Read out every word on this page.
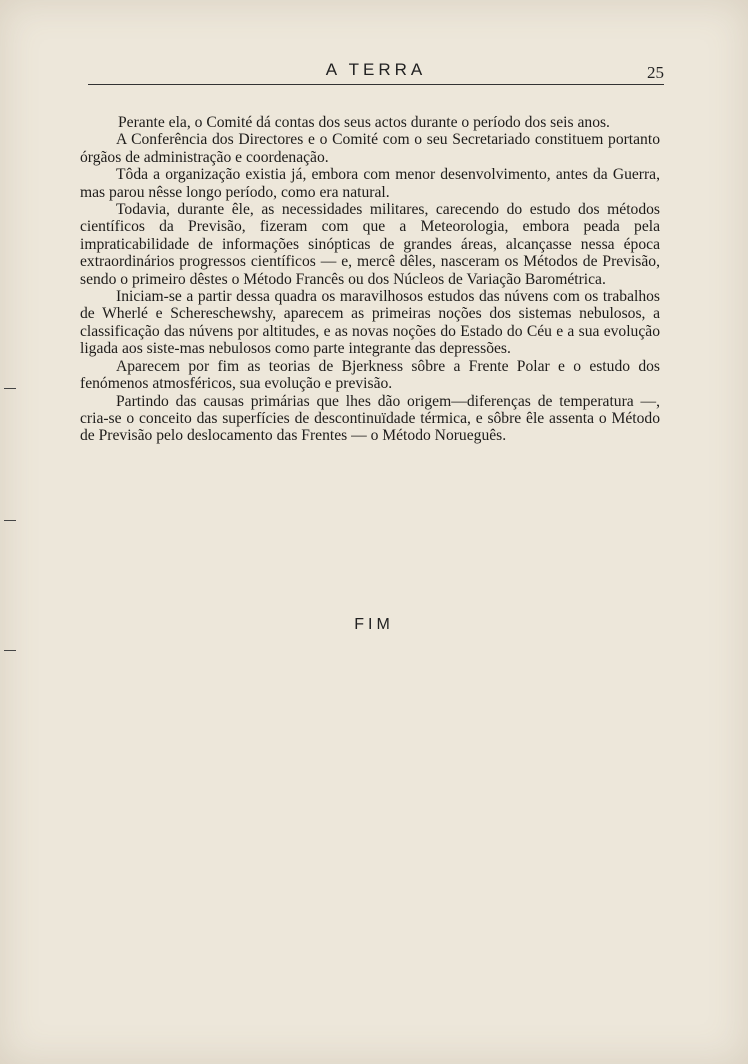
A TERRA	25

Perante ela, o Comité dá contas dos seus actos durante o período dos seis anos.

A Conferência dos Directores e o Comité com o seu Secretariado constituem portanto órgãos de administração e coordenação.

Tôda a organização existia já, embora com menor desenvolvimento, antes da Guerra, mas parou nêsse longo período, como era natural.

Todavia, durante êle, as necessidades militares, carecendo do estudo dos métodos científicos da Previsão, fizeram com que a Meteorologia, embora peada pela impraticabilidade de informações sinópticas de grandes áreas, alcançasse nessa época extraordinários progressos científicos — e, mercê dêles, nasceram os Métodos de Previsão, sendo o primeiro dêstes o Método Francês ou dos Núcleos de Variação Barométrica.

Iniciam-se a partir dessa quadra os maravilhosos estudos das núvens com os trabalhos de Wherlé e Schereschewshy, aparecem as primeiras noções dos sistemas nebulosos, a classificação das núvens por altitudes, e as novas noções do Estado do Céu e a sua evolução ligada aos siste-mas nebulosos como parte integrante das depressões.

Aparecem por fim as teorias de Bjerkness sôbre a Frente Polar e o estudo dos fenómenos atmosféricos, sua evolução e previsão.

Partindo das causas primárias que lhes dão origem—diferenças de temperatura —, cria-se o conceito das superfícies de descontinuïdade térmica, e sôbre êle assenta o Método de Previsão pelo deslocamento das Frentes — o Método Norueguês.

FIM
